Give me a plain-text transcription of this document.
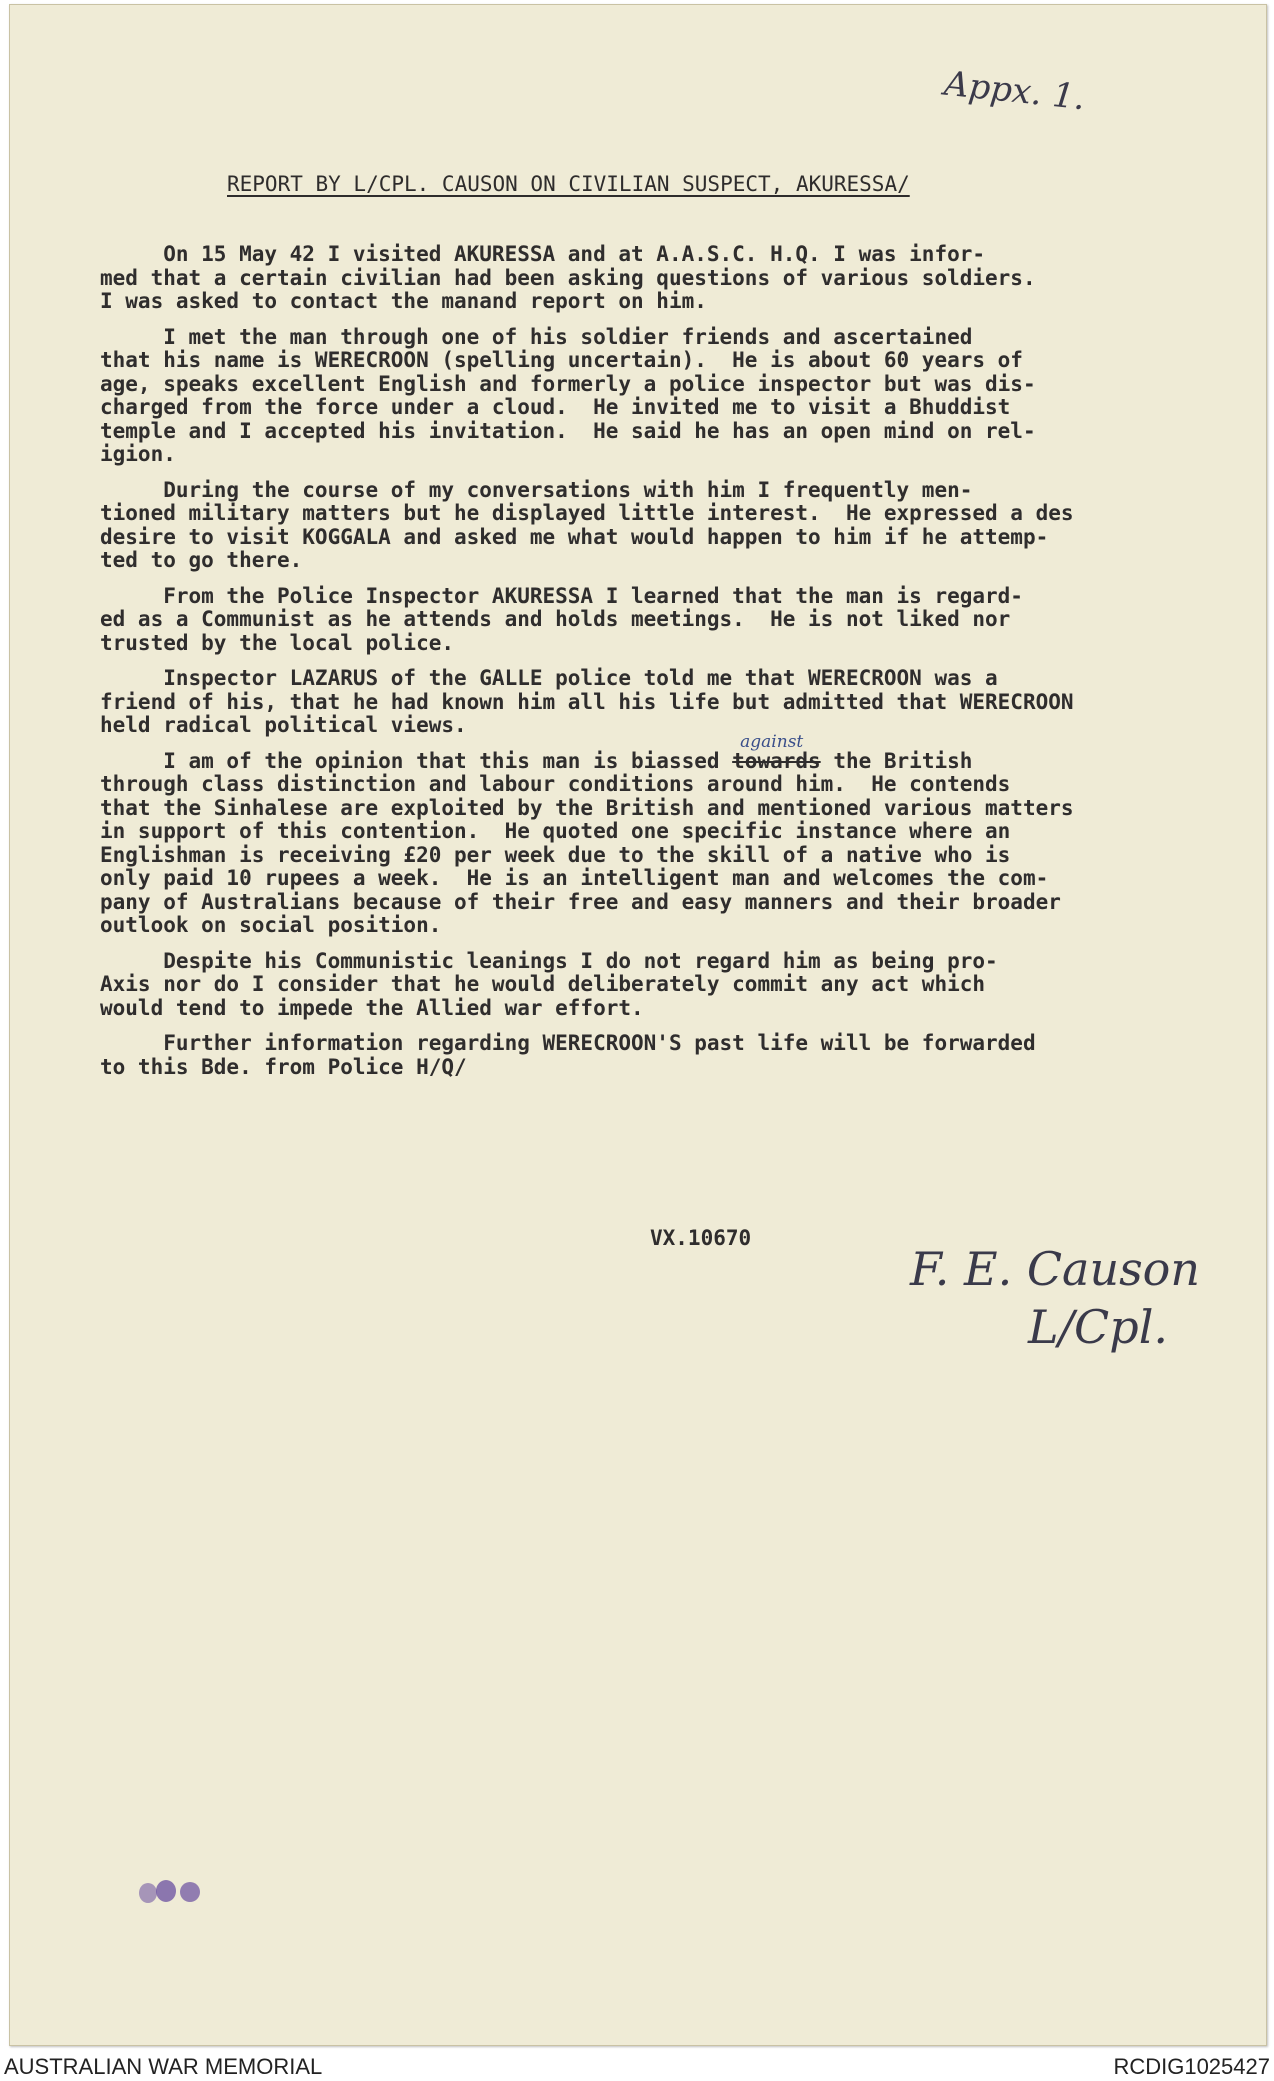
Appx. 1.
REPORT BY L/CPL. CAUSON ON CIVILIAN SUSPECT, AKURESSA/

On 15 May 42 I visited AKURESSA and at A.A.S.C. H.Q. I was infor-
med that a certain civilian had been asking questions of various soldiers.
I was asked to contact the manand report on him.

I met the man through one of his soldier friends and ascertained
that his name is WERECROON (spelling uncertain).  He is about 60 years of
age, speaks excellent English and formerly a police inspector but was dis-
charged from the force under a cloud.  He invited me to visit a Bhuddist
temple and I accepted his invitation.  He said he has an open mind on rel-
igion.

During the course of my conversations with him I frequently men-
tioned military matters but he displayed little interest.  He expressed a des
desire to visit KOGGALA and asked me what would happen to him if he attemp-
ted to go there.

From the Police Inspector AKURESSA I learned that the man is regard-
ed as a Communist as he attends and holds meetings.  He is not liked nor
trusted by the local police.

Inspector LAZARUS of the GALLE police told me that WERECROON was a
friend of his, that he had known him all his life but admitted that WERECROON
held radical political views.

I am of the opinion that this man is biassed
against
towards the British
through class distinction and labour conditions around him.  He contends
that the Sinhalese are exploited by the British and mentioned various matters
in support of this contention.  He quoted one specific instance where an
Englishman is receiving £20 per week due to the skill of a native who is
only paid 10 rupees a week.  He is an intelligent man and welcomes the com-
pany of Australians because of their free and easy manners and their broader
outlook on social position.

Despite his Communistic leanings I do not regard him as being pro-
Axis nor do I consider that he would deliberately commit any act which
would tend to impede the Allied war effort.

Further information regarding WERECROON'S past life will be forwarded
to this Bde. from Police H/Q/

VX.10670
F. E. Causon
L/Cpl.
AUSTRALIAN WAR MEMORIAL	RCDIG1025427
